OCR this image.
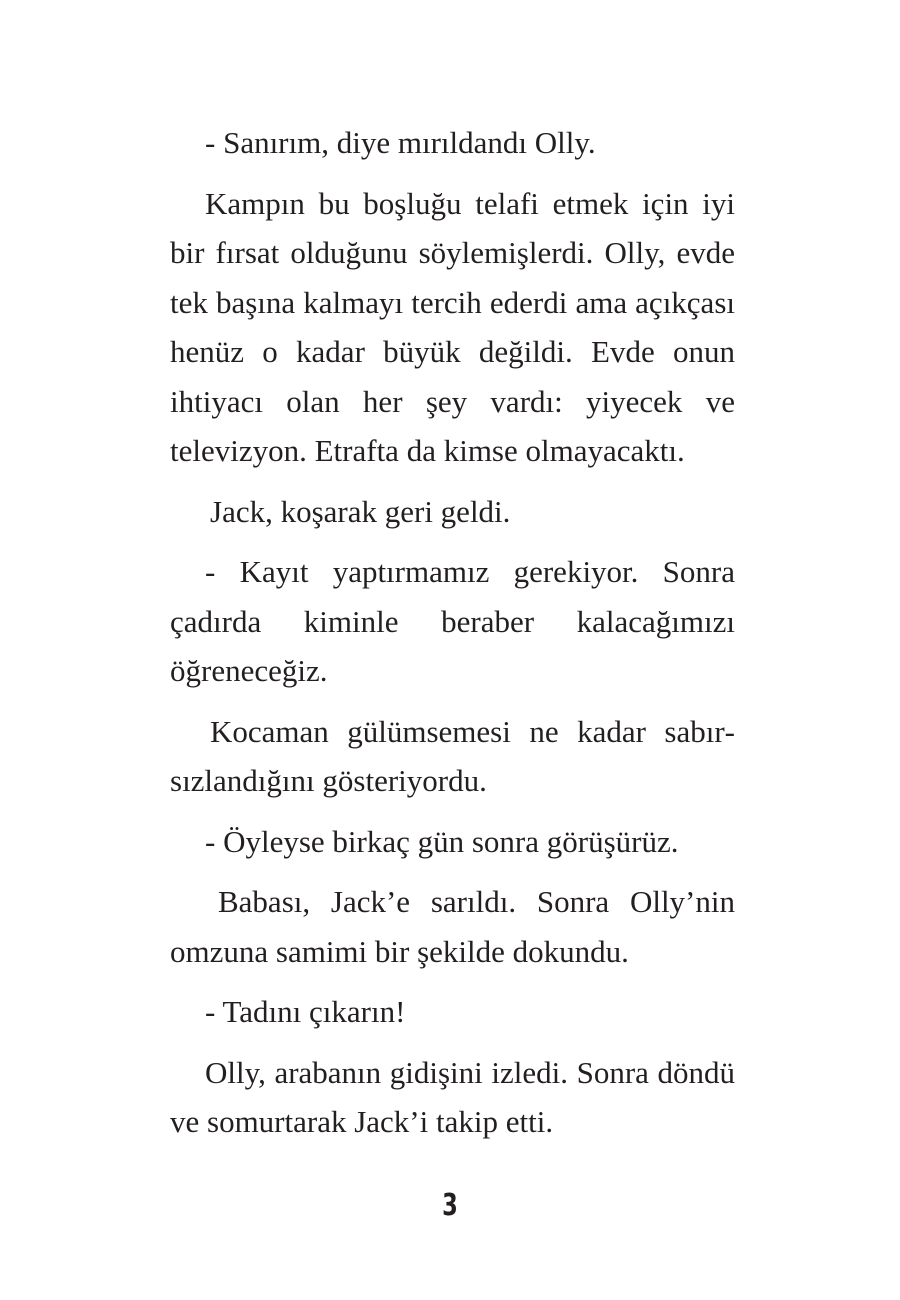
- Sanırım, diye mırıldandı Olly.

Kampın bu boşluğu telafi etmek için iyi bir fırsat olduğunu söylemişlerdi. Olly, evde tek başına kalmayı tercih ederdi ama açıkçası henüz o kadar büyük değildi. Evde onun ihtiyacı olan her şey vardı: yiyecek ve televizyon. Etrafta da kimse olmayacaktı.

Jack, koşarak geri geldi.

- Kayıt yaptırmamız gerekiyor. Sonra çadırda kiminle beraber kalacağımızı öğreneceğiz.

Kocaman gülümsemesi ne kadar sabırsızlandığını gösteriyordu.

- Öyleyse birkaç gün sonra görüşürüz.

Babası, Jack’e sarıldı. Sonra Olly’nin omzuna samimi bir şekilde dokundu.

- Tadını çıkarın!

Olly, arabanın gidişini izledi. Sonra döndü ve somurtarak Jack’i takip etti.

3
